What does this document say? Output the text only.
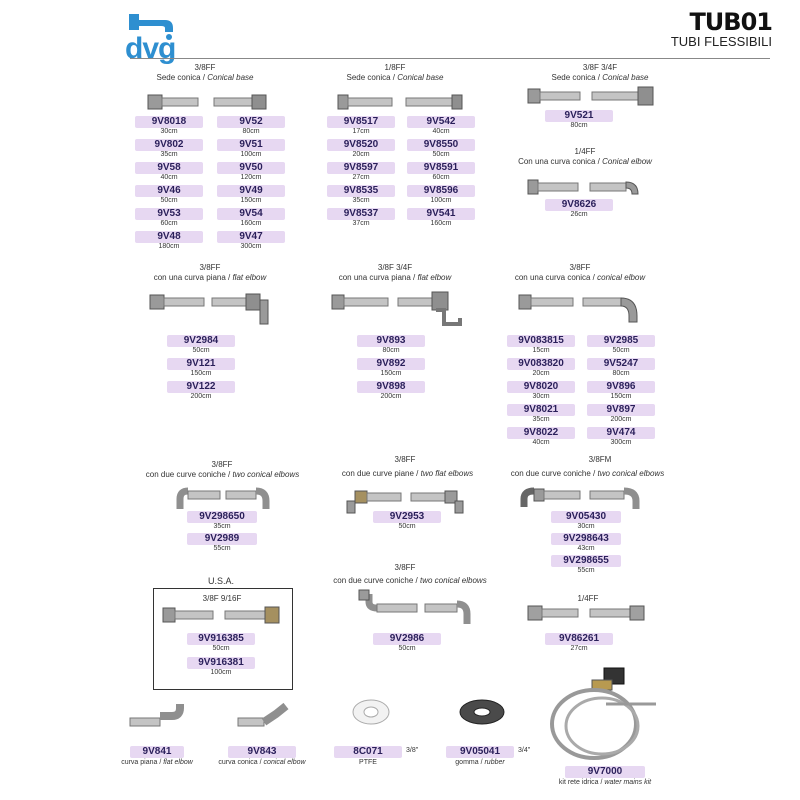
dvg
TUB01
TUBI FLESSIBILI
3/8FF
Sede conica / Conical base
1/8FF
Sede conica / Conical base
3/8F 3/4F
Sede conica / Conical base
1/4FF
Con una curva conica / Conical elbow
3/8FF
con una curva piana / flat elbow
3/8F 3/4F
con una curva piana / flat elbow
3/8FF
con una curva conica / conical elbow
3/8FF
con due curve coniche / two conical elbows
3/8FF
con due curve piane / two flat elbows
3/8FM
con due curve coniche / two conical elbows
U.S.A.
3/8F 9/16F
3/8FF
con due curve coniche / two conical elbows
1/4FF
9V8018
30cm
9V52
80cm
9V802
35cm
9V51
100cm
9V58
40cm
9V50
120cm
9V46
50cm
9V49
150cm
9V53
60cm
9V54
160cm
9V48
180cm
9V47
300cm
9V8517
17cm
9V542
40cm
9V8520
20cm
9V8550
50cm
9V8597
27cm
9V8591
60cm
9V8535
35cm
9V8596
100cm
9V8537
37cm
9V541
160cm
9V521
80cm
9V8626
26cm
9V2984
50cm
9V121
150cm
9V122
200cm
9V893
80cm
9V892
150cm
9V898
200cm
9V083815
15cm
9V2985
50cm
9V083820
20cm
9V5247
80cm
9V8020
30cm
9V896
150cm
9V8021
35cm
9V897
200cm
9V8022
40cm
9V474
300cm
9V298650
35cm
9V2989
55cm
9V2953
50cm
9V05430
30cm
9V298643
43cm
9V298655
55cm
9V916385
50cm
9V916381
100cm
9V2986
50cm
9V86261
27cm
9V841
curva piana / flat elbow
9V843
curva conica / conical elbow
8C071
PTFE
3/8"	9V05041
gomma / rubber
3/4"
9V7000
kit rete idrica / water mains kit
